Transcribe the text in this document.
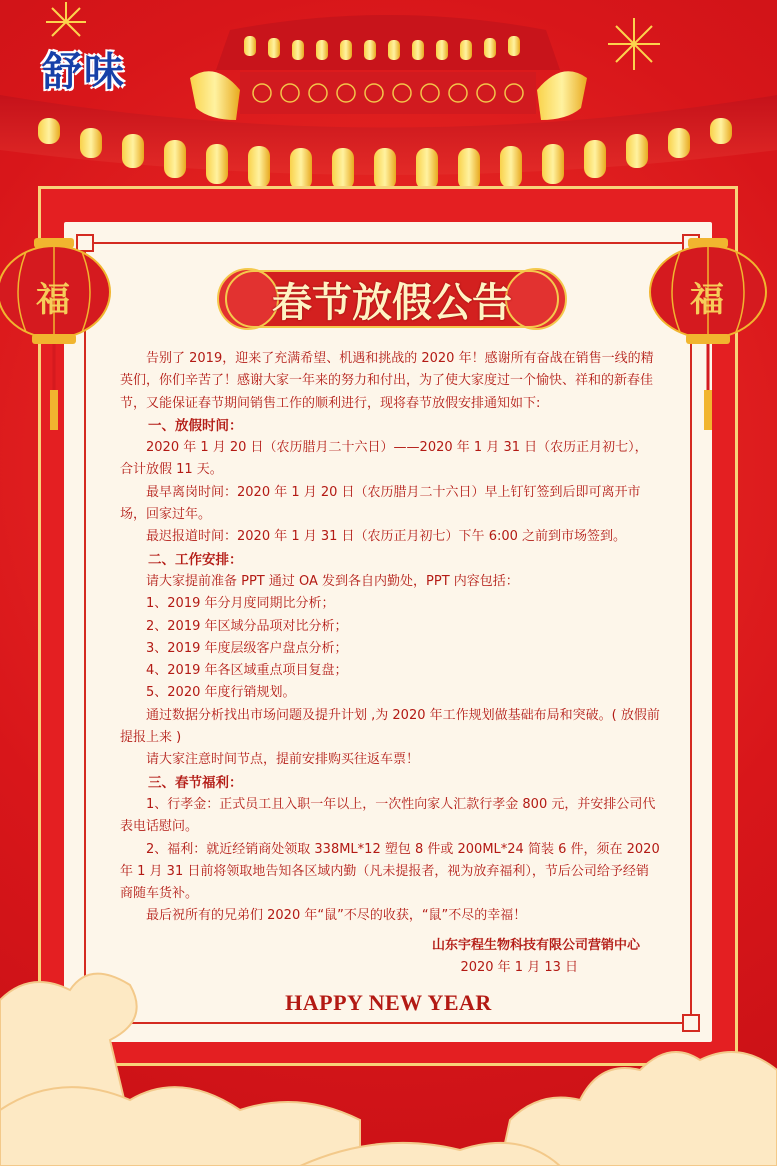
舒味
福	福
春节放假公告

告别了 2019，迎来了充满希望、机遇和挑战的 2020 年！感谢所有奋战在销售一线的精英们，你们辛苦了！感谢大家一年来的努力和付出，为了使大家度过一个愉快、祥和的新春佳节，又能保证春节期间销售工作的顺利进行，现将春节放假安排通知如下:

一、放假时间：

2020 年 1 月 20 日（农历腊月二十六日）——2020 年 1 月 31 日（农历正月初七），合计放假 11 天。

最早离岗时间：2020 年 1 月 20 日（农历腊月二十六日）早上钉钉签到后即可离开市场，回家过年。

最迟报道时间：2020 年 1 月 31 日（农历正月初七）下午 6:00 之前到市场签到。

二、工作安排：

请大家提前准备 PPT 通过 OA 发到各自内勤处，PPT 内容包括：

1、2019 年分月度同期比分析；

2、2019 年区域分品项对比分析；

3、2019 年度层级客户盘点分析；

4、2019 年各区域重点项目复盘；

5、2020 年度行销规划。

通过数据分析找出市场问题及提升计划 ,为 2020 年工作规划做基础布局和突破。( 放假前提报上来 )

请大家注意时间节点，提前安排购买往返车票！

三、春节福利：

1、行孝金：正式员工且入职一年以上，一次性向家人汇款行孝金 800 元，并安排公司代表电话慰问。

2、福利：就近经销商处领取 338ML*12 塑包 8 件或 200ML*24 简装 6 件，须在 2020 年 1 月 31 日前将领取地告知各区域内勤（凡未提报者，视为放弃福利），节后公司给予经销商随车货补。

最后祝所有的兄弟们 2020 年“鼠”不尽的收获，“鼠”不尽的幸福！

山东宇程生物科技有限公司营销中心
2020 年 1 月 13 日
HAPPY NEW YEAR
